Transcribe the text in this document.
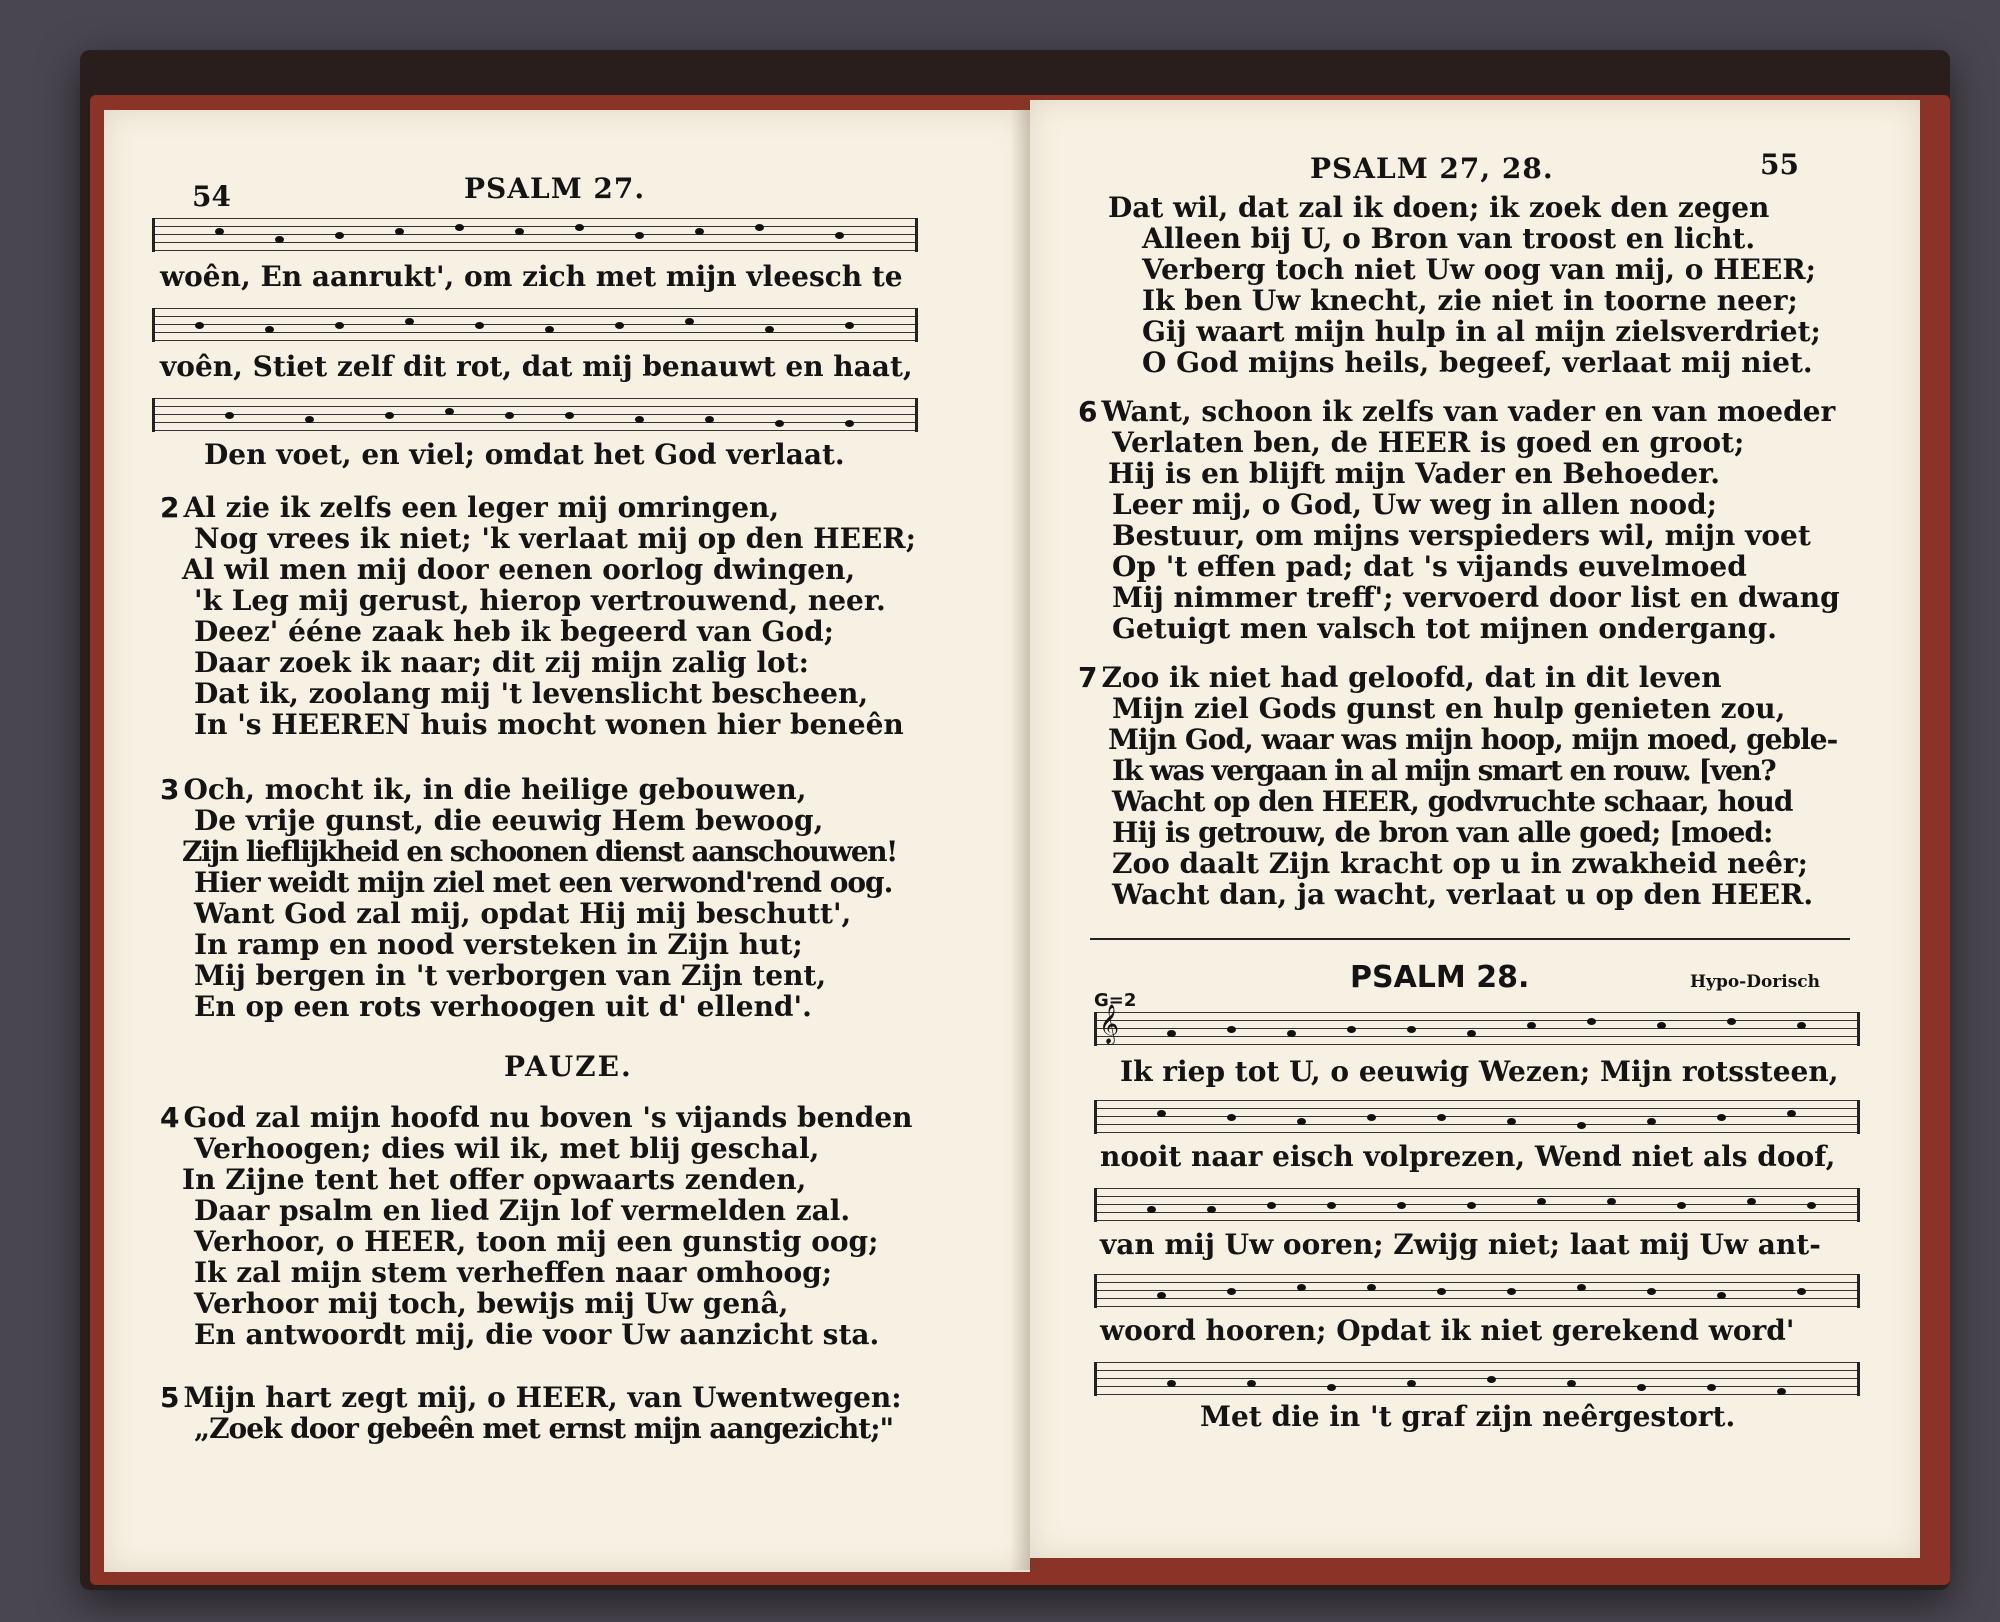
54	PSALM 27.
woên, En aanrukt', om zich met mijn vleesch te
voên, Stiet zelf dit rot, dat mij benauwt en haat,
Den voet, en viel; omdat het God verlaat.
2 Al zie ik zelfs een leger mij omringen,
Nog vrees ik niet; 'k verlaat mij op den HEER;
Al wil men mij door eenen oorlog dwingen,
'k Leg mij gerust, hierop vertrouwend, neer.
Deez' éénе zaak heb ik begeerd van God;
Daar zoek ik naar; dit zij mijn zalig lot:
Dat ik, zoolang mij 't levenslicht bescheen,
In 's HEEREN huis mocht wonen hier beneên
3 Och, mocht ik, in die heilige gebouwen,
De vrije gunst, die eeuwig Hem bewoog,
Zijn lieflijkheid en schoonen dienst aanschouwen!
Hier weidt mijn ziel met een verwond'rend oog.
Want God zal mij, opdat Hij mij beschutt',
In ramp en nood versteken in Zijn hut;
Mij bergen in 't verborgen van Zijn tent,
En op een rots verhoogen uit d' ellend'.
PAUZE.
4 God zal mijn hoofd nu boven 's vijands benden
Verhoogen; dies wil ik, met blij geschal,
In Zijne tent het offer opwaarts zenden,
Daar psalm en lied Zijn lof vermelden zal.
Verhoor, o HEER, toon mij een gunstig oog;
Ik zal mijn stem verheffen naar omhoog;
Verhoor mij toch, bewijs mij Uw genâ,
En antwoordt mij, die voor Uw aanzicht sta.
5 Mijn hart zegt mij, o HEER, van Uwentwegen:
„Zoek door gebeên met ernst mijn aangezicht;"
PSALM 27, 28.	55
Dat wil, dat zal ik doen; ik zoek den zegen
Alleen bij U, o Bron van troost en licht.
Verberg toch niet Uw oog van mij, o HEER;
Ik ben Uw knecht, zie niet in toorne neer;
Gij waart mijn hulp in al mijn zielsverdriet;
O God mijns heils, begeef, verlaat mij niet.
6 Want, schoon ik zelfs van vader en van moeder
Verlaten ben, de HEER is goed en groot;
Hij is en blijft mijn Vader en Behoeder.
Leer mij, o God, Uw weg in allen nood;
Bestuur, om mijns verspieders wil, mijn voet
Op 't effen pad; dat 's vijands euvelmoed
Mij nimmer treff'; vervoerd door list en dwang
Getuigt men valsch tot mijnen ondergang.
7 Zoo ik niet had geloofd, dat in dit leven
Mijn ziel Gods gunst en hulp genieten zou,
Mijn God, waar was mijn hoop, mijn moed, geble-
Ik was vergaan in al mijn smart en rouw. [ven?
Wacht op den HEER, godvruchte schaar, houd
Hij is getrouw, de bron van alle goed; [moed:
Zoo daalt Zijn kracht op u in zwakheid neêr;
Wacht dan, ja wacht, verlaat u op den HEER.
PSALM 28.	Hypo-Dorisch
G=2
𝄞
Ik riep tot U, o eeuwig Wezen; Mijn rotssteen,
nooit naar eisch volprezen, Wend niet als doof,
van mij Uw ooren; Zwijg niet; laat mij Uw ant-
woord hooren; Opdat ik niet gerekend word'
Met die in 't graf zijn neêrgestort.
